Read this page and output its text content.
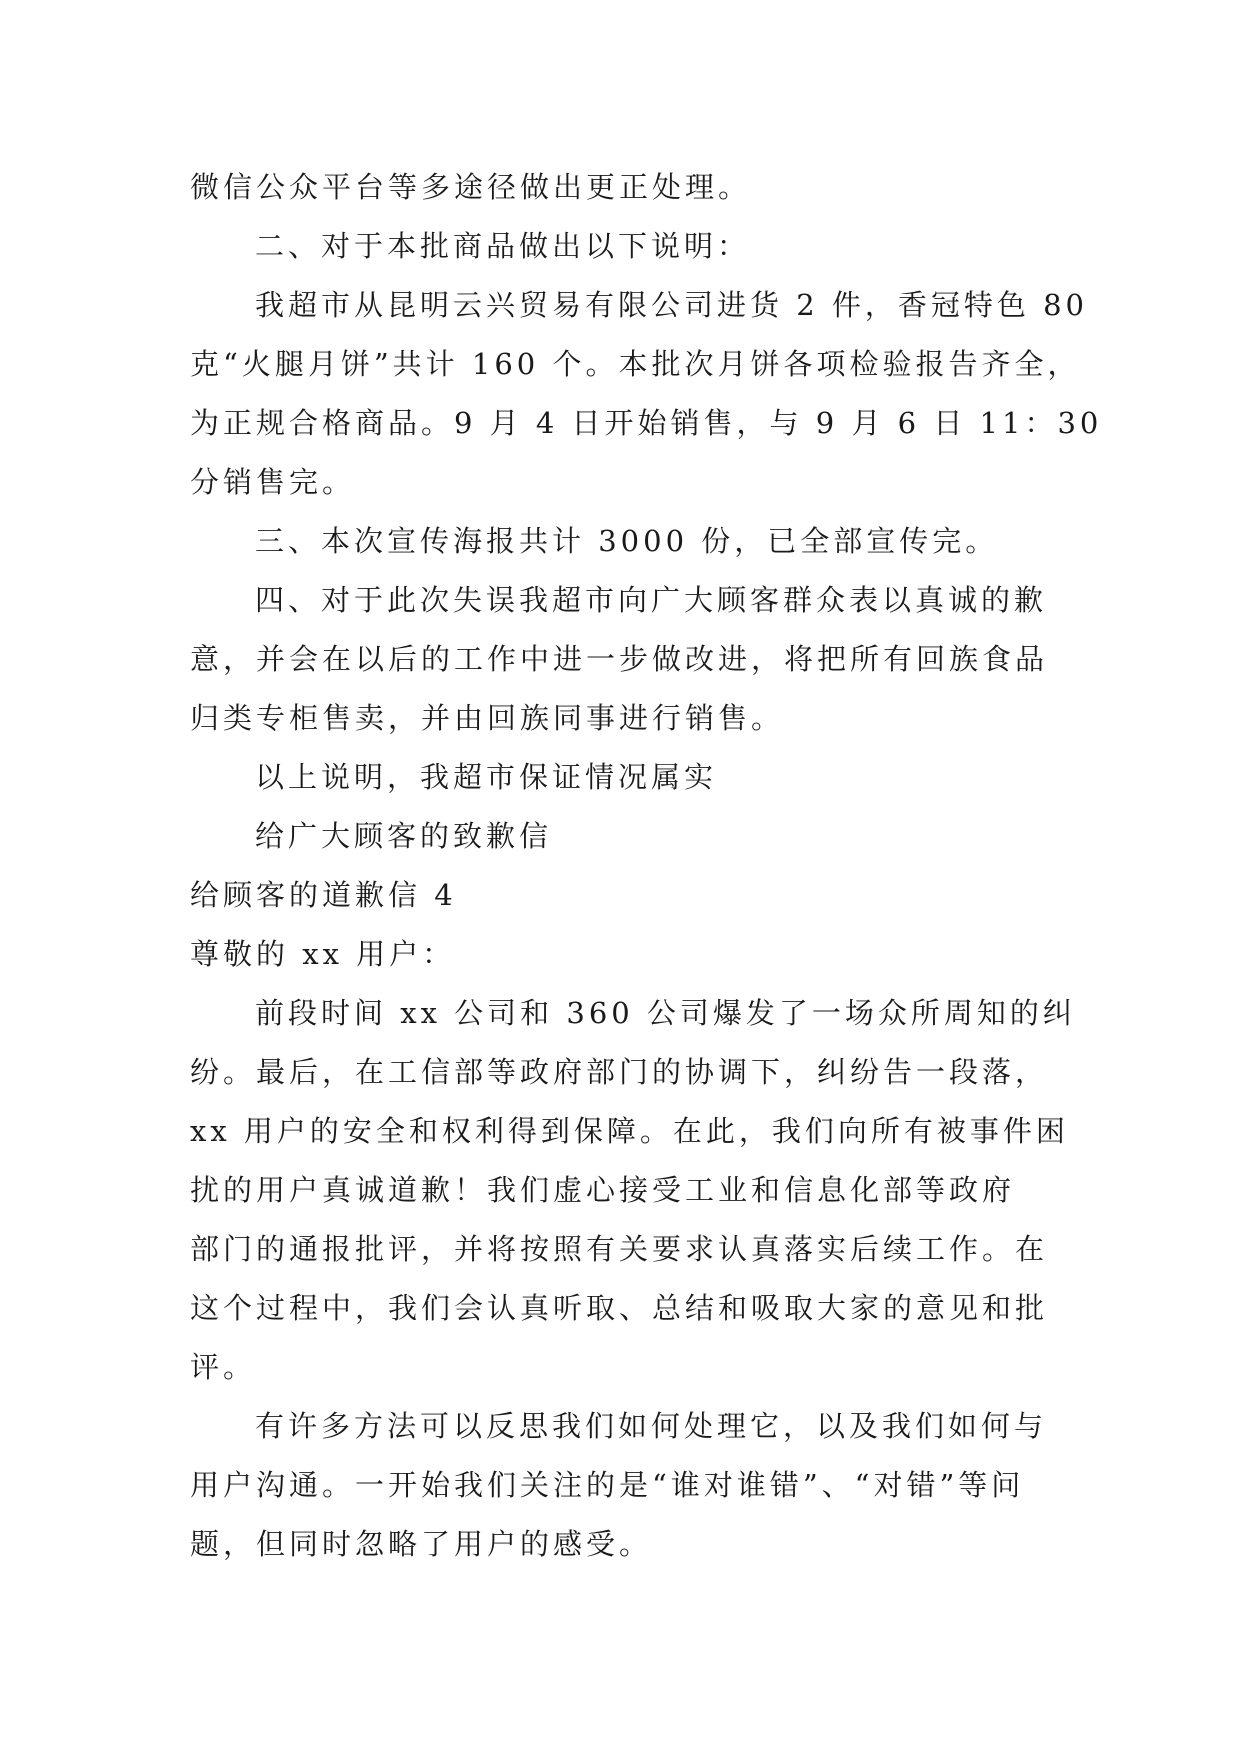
微信公众平台等多途径做出更正处理。

二、对于本批商品做出以下说明：

我超市从昆明云兴贸易有限公司进货 2 件，香冠特色 80

克“火腿月饼”共计 160 个。本批次月饼各项检验报告齐全，

为正规合格商品。9 月 4 日开始销售，与 9 月 6 日 11：30

分销售完。

三、本次宣传海报共计 3000 份，已全部宣传完。

四、对于此次失误我超市向广大顾客群众表以真诚的歉

意，并会在以后的工作中进一步做改进，将把所有回族食品

归类专柜售卖，并由回族同事进行销售。

以上说明，我超市保证情况属实

给广大顾客的致歉信

给顾客的道歉信 4

尊敬的 xx 用户：

前段时间 xx 公司和 360 公司爆发了一场众所周知的纠

纷。最后，在工信部等政府部门的协调下，纠纷告一段落，

xx 用户的安全和权利得到保障。在此，我们向所有被事件困

扰的用户真诚道歉！我们虚心接受工业和信息化部等政府

部门的通报批评，并将按照有关要求认真落实后续工作。在

这个过程中，我们会认真听取、总结和吸取大家的意见和批

评。

有许多方法可以反思我们如何处理它，以及我们如何与

用户沟通。一开始我们关注的是“谁对谁错”、“对错”等问

题，但同时忽略了用户的感受。
